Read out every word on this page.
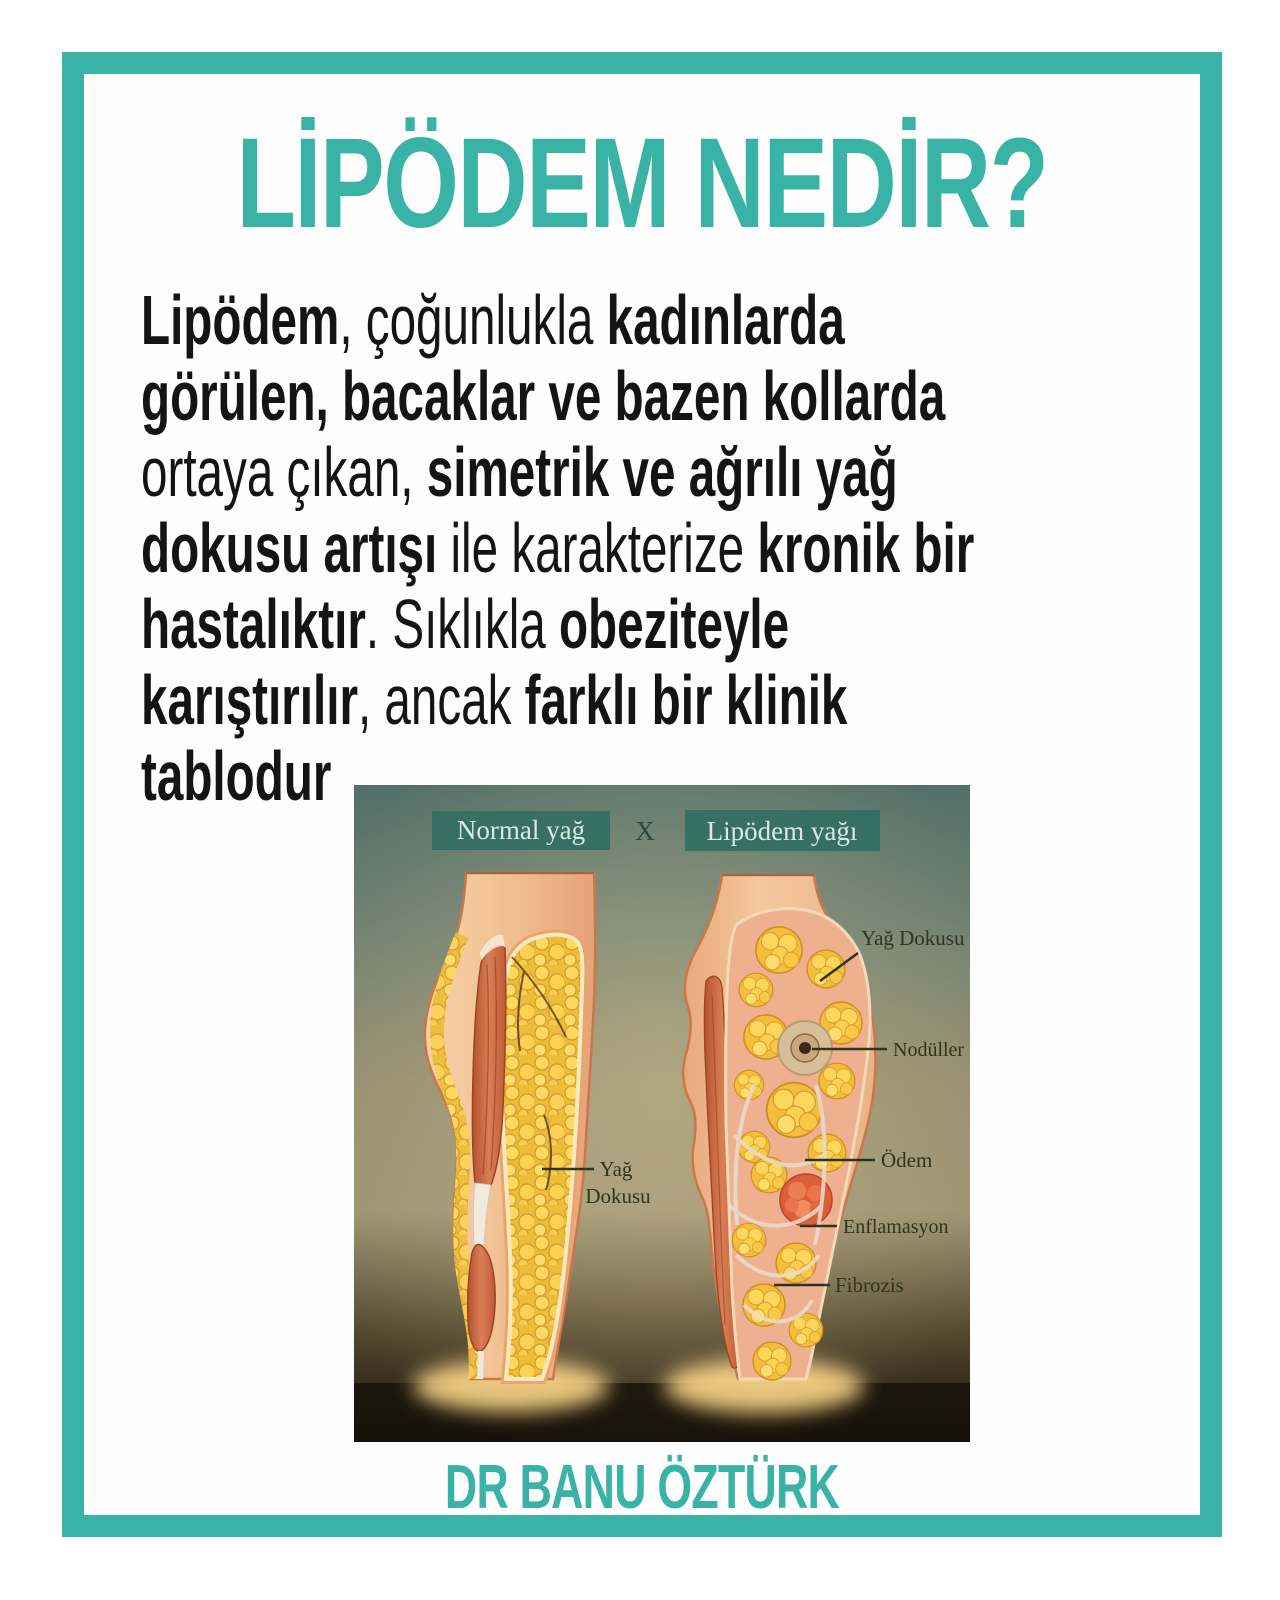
LİPÖDEM NEDİR?
Lipödem, çoğunlukla kadınlarda
görülen, bacaklar ve bazen kollarda
ortaya çıkan, simetrik ve ağrılı yağ
dokusu artışı ile karakterize kronik bir
hastalıktır. Sıklıkla obeziteyle
karıştırılır, ancak farklı bir klinik
tablodur
Normal yağ X Lipödem yağı
Yağ
Dokusu
Yağ Dokusu
Nodüller
Ödem
Enflamasyon
Fibrozis
DR BANU ÖZTÜRK
